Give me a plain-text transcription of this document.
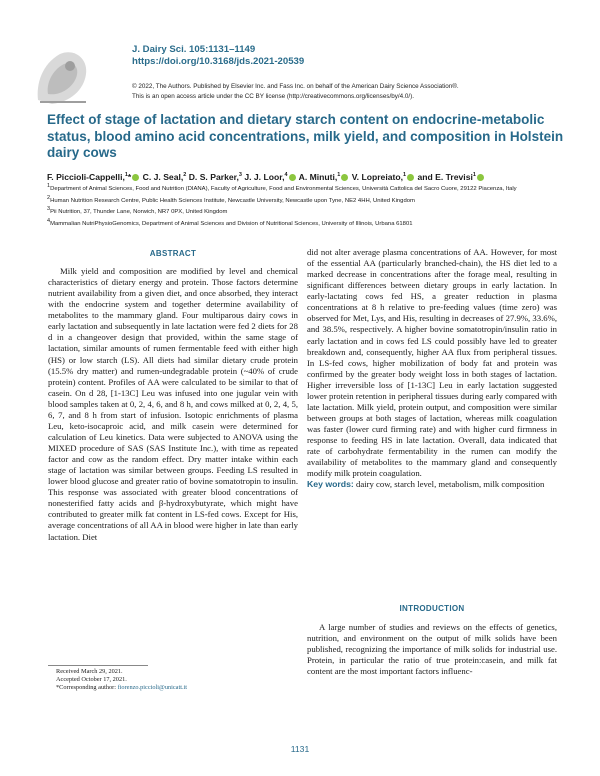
J. Dairy Sci. 105:1131–1149
https://doi.org/10.3168/jds.2021-20539
© 2022, The Authors. Published by Elsevier Inc. and Fass Inc. on behalf of the American Dairy Science Association®.
This is an open access article under the CC BY license (http://creativecommons.org/licenses/by/4.0/).
Effect of stage of lactation and dietary starch content on endocrine-metabolic status, blood amino acid concentrations, milk yield, and composition in Holstein dairy cows
F. Piccioli-Cappelli,$^1$* C. J. Seal,$^2$ D. S. Parker,$^3$ J. J. Loor,$^4$ A. Minuti,$^1$ V. Lopreiato,$^1$ and E. Trevisi$^1$
$^1$Department of Animal Sciences, Food and Nutrition (DIANA), Faculty of Agriculture, Food and Environmental Sciences, Università Cattolica del Sacro Cuore, 29122 Piacenza, Italy
$^2$Human Nutrition Research Centre, Public Health Sciences Institute, Newcastle University, Newcastle upon Tyne, NE2 4HH, United Kingdom
$^3$Pii Nutrition, 37, Thunder Lane, Norwich, NR7 0PX, United Kingdom
$^4$Mammalian NutriPhysioGenomics, Department of Animal Sciences and Division of Nutritional Sciences, University of Illinois, Urbana 61801
ABSTRACT

Milk yield and composition are modified by level and chemical characteristics of dietary energy and protein. Those factors determine nutrient availability from a given diet, and once absorbed, they interact with the endocrine system and together determine availability of metabolites to the mammary gland. Four multiparous dairy cows in early lactation and subsequently in late lactation were fed 2 diets for 28 d in a changeover design that provided, within the same stage of lactation, similar amounts of rumen fermentable feed with either high (HS) or low starch (LS). All diets had similar dietary crude protein (15.5% dry matter) and rumen-undegradable protein (~40% of crude protein) content. Profiles of AA were calculated to be similar to that of casein. On d 28, [1-13C] Leu was infused into one jugular vein with blood samples taken at 0, 2, 4, 6, and 8 h, and cows milked at 0, 2, 4, 5, 6, 7, and 8 h from start of infusion. Isotopic enrichments of plasma Leu, keto-isocaproic acid, and milk casein were determined for calculation of Leu kinetics. Data were subjected to ANOVA using the MIXED procedure of SAS (SAS Institute Inc.), with time as repeated factor and cow as the random effect. Dry matter intake within each stage of lactation was similar between groups. Feeding LS resulted in lower blood glucose and greater ratio of bovine somatotropin to insulin. This response was associated with greater blood concentrations of nonesterified fatty acids and β-hydroxybutyrate, which might have contributed to greater milk fat content in LS-fed cows. Except for His, average concentrations of all AA in blood were higher in late than early lactation. Diet

did not alter average plasma concentrations of AA. However, for most of the essential AA (particularly branched-chain), the HS diet led to a marked decrease in concentrations after the forage meal, resulting in significant differences between dietary groups in early lactation. In early-lactating cows fed HS, a greater reduction in plasma concentrations at 8 h relative to pre-feeding values (time zero) was observed for Met, Lys, and His, resulting in decreases of 27.9%, 33.6%, and 38.5%, respectively. A higher bovine somatotropin/insulin ratio in early lactation and in cows fed LS could possibly have led to greater breakdown and, consequently, higher AA flux from peripheral tissues. In LS-fed cows, higher mobilization of body fat and protein was confirmed by the greater body weight loss in both stages of lactation. Higher irreversible loss of [1-13C] Leu in early lactation suggested lower protein retention in peripheral tissues during early compared with late lactation. Milk yield, protein output, and composition were similar between groups at both stages of lactation, whereas milk coagulation was faster (lower curd firming rate) and with higher curd firmness in response to feeding HS in late lactation. Overall, data indicated that rate of carbohydrate fermentability in the rumen can modify the availability of metabolites to the mammary gland and consequently modify milk protein coagulation.

Key words: dairy cow, starch level, metabolism, milk composition

INTRODUCTION

A large number of studies and reviews on the effects of genetics, nutrition, and environment on the output of milk solids have been published, recognizing the importance of milk solids for industrial use. Protein, in particular the ratio of true protein:casein, and milk fat content are the most important factors influenc-

Received March 29, 2021.
Accepted October 17, 2021.
*Corresponding author: fiorenzo.piccioli@unicatt.it
1131
